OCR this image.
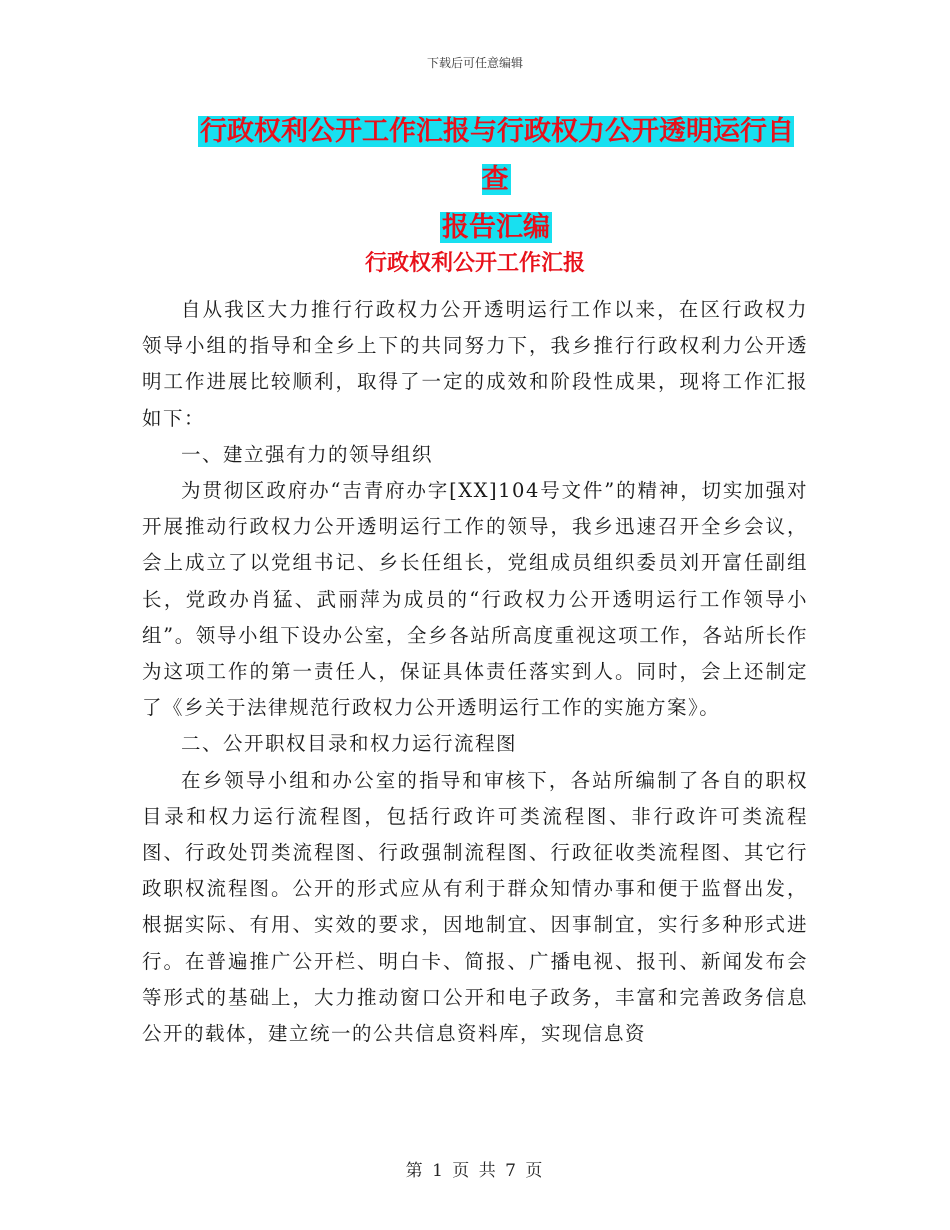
下载后可任意编辑
行政权利公开工作汇报与行政权力公开透明运行自查
报告汇编
行政权利公开工作汇报

自从我区大力推行行政权力公开透明运行工作以来，在区行政权力领导小组的指导和全乡上下的共同努力下，我乡推行行政权利力公开透明工作进展比较顺利，取得了一定的成效和阶段性成果，现将工作汇报如下：

一、建立强有力的领导组织

为贯彻区政府办“吉青府办字[XX]104号文件”的精神，切实加强对开展推动行政权力公开透明运行工作的领导，我乡迅速召开全乡会议，会上成立了以党组书记、乡长任组长，党组成员组织委员刘开富任副组长，党政办肖猛、武丽萍为成员的“行政权力公开透明运行工作领导小组”。领导小组下设办公室，全乡各站所高度重视这项工作，各站所长作为这项工作的第一责任人，保证具体责任落实到人。同时，会上还制定了《乡关于法律规范行政权力公开透明运行工作的实施方案》。

二、公开职权目录和权力运行流程图

在乡领导小组和办公室的指导和审核下，各站所编制了各自的职权目录和权力运行流程图，包括行政许可类流程图、非行政许可类流程图、行政处罚类流程图、行政强制流程图、行政征收类流程图、其它行政职权流程图。公开的形式应从有利于群众知情办事和便于监督出发，根据实际、有用、实效的要求，因地制宜、因事制宜，实行多种形式进行。在普遍推广公开栏、明白卡、简报、广播电视、报刊、新闻发布会等形式的基础上，大力推动窗口公开和电子政务，丰富和完善政务信息公开的载体，建立统一的公共信息资料库，实现信息资

第 1 页 共 7 页
